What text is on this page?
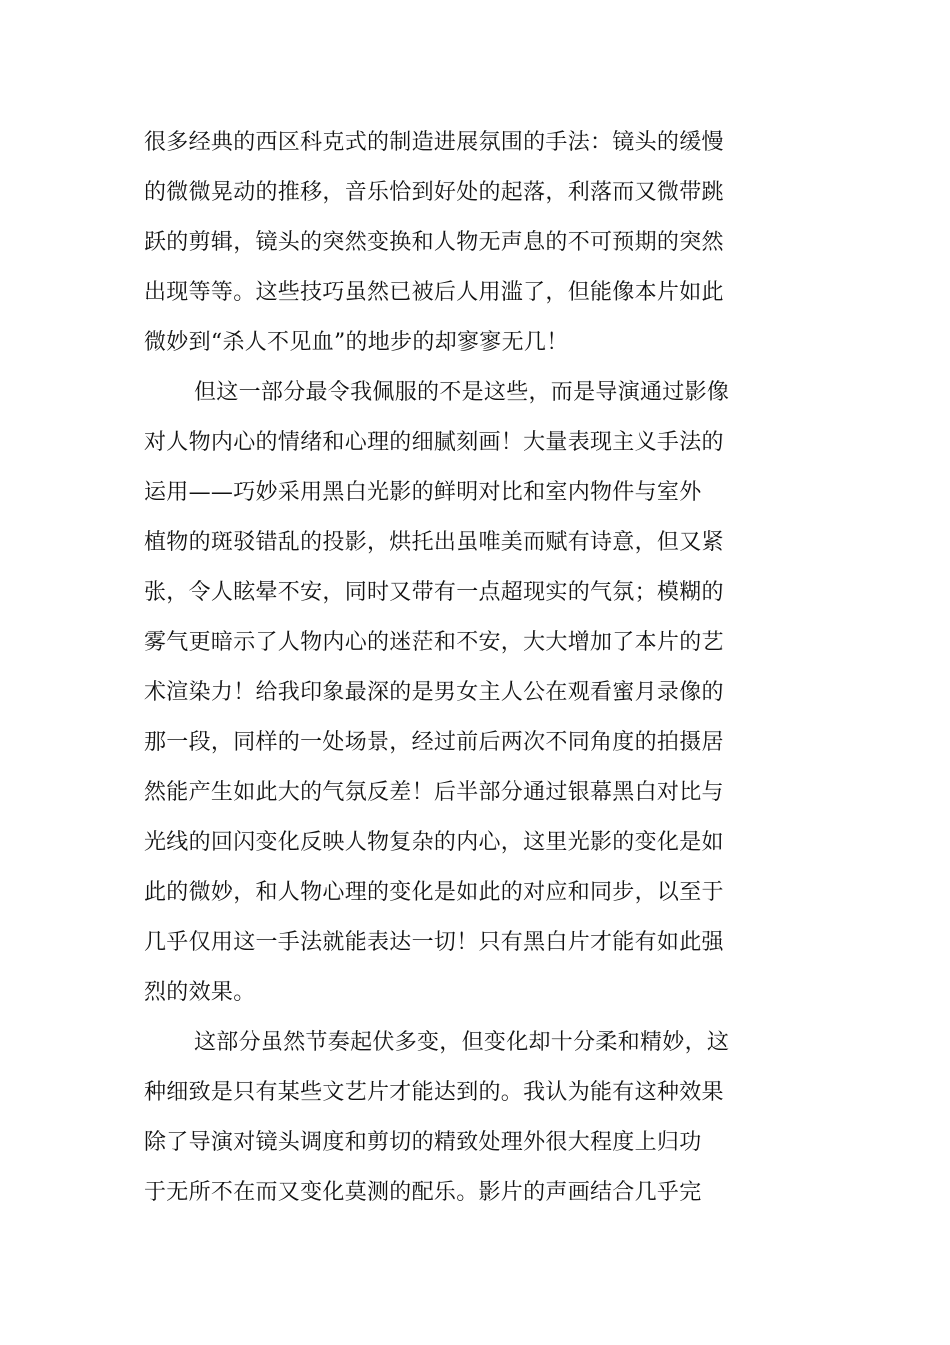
很多经典的西区科克式的制造进展氛围的手法：镜头的缓慢
的微微晃动的推移，音乐恰到好处的起落，利落而又微带跳
跃的剪辑，镜头的突然变换和人物无声息的不可预期的突然
出现等等。这些技巧虽然已被后人用滥了，但能像本片如此
微妙到“杀人不见血”的地步的却寥寥无几！
但这一部分最令我佩服的不是这些，而是导演通过影像
对人物内心的情绪和心理的细腻刻画！大量表现主义手法的
运用——巧妙采用黑白光影的鲜明对比和室内物件与室外
植物的斑驳错乱的投影，烘托出虽唯美而赋有诗意，但又紧
张，令人眩晕不安，同时又带有一点超现实的气氛；模糊的
雾气更暗示了人物内心的迷茫和不安，大大增加了本片的艺
术渲染力！给我印象最深的是男女主人公在观看蜜月录像的
那一段，同样的一处场景，经过前后两次不同角度的拍摄居
然能产生如此大的气氛反差！后半部分通过银幕黑白对比与
光线的回闪变化反映人物复杂的内心，这里光影的变化是如
此的微妙，和人物心理的变化是如此的对应和同步，以至于
几乎仅用这一手法就能表达一切！只有黑白片才能有如此强
烈的效果。
这部分虽然节奏起伏多变，但变化却十分柔和精妙，这
种细致是只有某些文艺片才能达到的。我认为能有这种效果
除了导演对镜头调度和剪切的精致处理外很大程度上归功
于无所不在而又变化莫测的配乐。影片的声画结合几乎完
